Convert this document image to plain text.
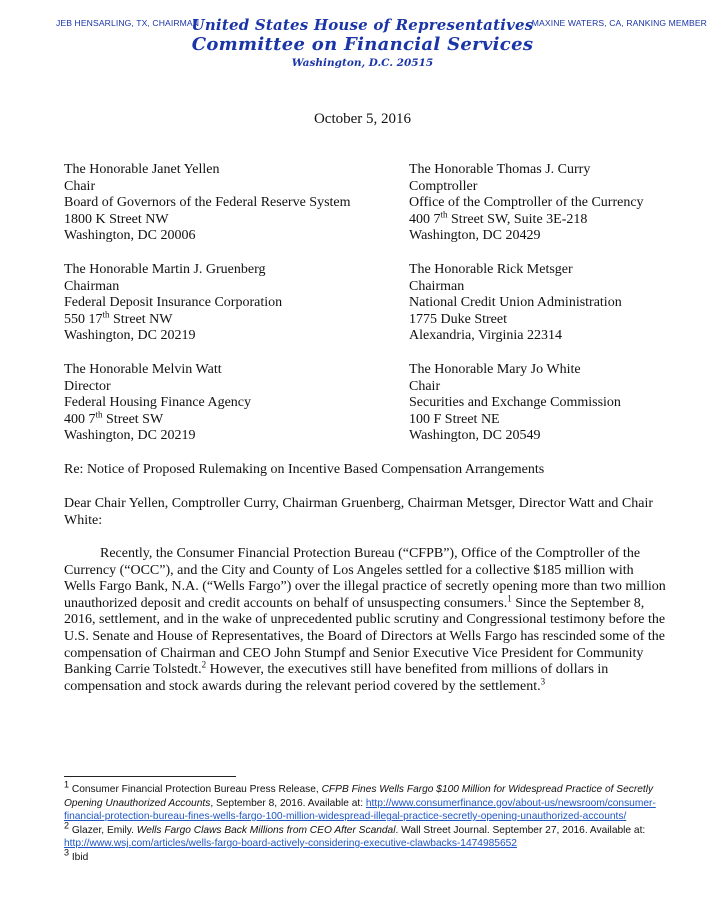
JEB HENSARLING, TX, CHAIRMAN	MAXINE WATERS, CA, RANKING MEMBER
United States House of Representatives
Committee on Financial Services
Washington, D.C. 20515
October 5, 2016
The Honorable Janet Yellen
Chair
Board of Governors of the Federal Reserve System
1800 K Street NW
Washington, DC 20006
The Honorable Thomas J. Curry
Comptroller
Office of the Comptroller of the Currency
400 7th Street SW, Suite 3E-218
Washington, DC 20429
The Honorable Martin J. Gruenberg
Chairman
Federal Deposit Insurance Corporation
550 17th Street NW
Washington, DC 20219
The Honorable Rick Metsger
Chairman
National Credit Union Administration
1775 Duke Street
Alexandria, Virginia 22314
The Honorable Melvin Watt
Director
Federal Housing Finance Agency
400 7th Street SW
Washington, DC 20219
The Honorable Mary Jo White
Chair
Securities and Exchange Commission
100 F Street NE
Washington, DC 20549
Re: Notice of Proposed Rulemaking on Incentive Based Compensation Arrangements
Dear Chair Yellen, Comptroller Curry, Chairman Gruenberg, Chairman Metsger, Director Watt and Chair White:
Recently, the Consumer Financial Protection Bureau (“CFPB”), Office of the Comptroller of the Currency (“OCC”), and the City and County of Los Angeles settled for a collective $185 million with Wells Fargo Bank, N.A. (“Wells Fargo”) over the illegal practice of secretly opening more than two million unauthorized deposit and credit accounts on behalf of unsuspecting consumers.$^1$ Since the September 8, 2016, settlement, and in the wake of unprecedented public scrutiny and Congressional testimony before the U.S. Senate and House of Representatives, the Board of Directors at Wells Fargo has rescinded some of the compensation of Chairman and CEO John Stumpf and Senior Executive Vice President for Community Banking Carrie Tolstedt.$^2$ However, the executives still have benefited from millions of dollars in compensation and stock awards during the relevant period covered by the settlement.$^3$

$^1$ Consumer Financial Protection Bureau Press Release, CFPB Fines Wells Fargo $100 Million for Widespread Practice of Secretly Opening Unauthorized Accounts, September 8, 2016. Available at: http://www.consumerfinance.gov/about-us/newsroom/consumer-financial-protection-bureau-fines-wells-fargo-100-million-widespread-illegal-practice-secretly-opening-unauthorized-accounts/

$^2$ Glazer, Emily. Wells Fargo Claws Back Millions from CEO After Scandal. Wall Street Journal. September 27, 2016. Available at: http://www.wsj.com/articles/wells-fargo-board-actively-considering-executive-clawbacks-1474985652

$^3$ Ibid
